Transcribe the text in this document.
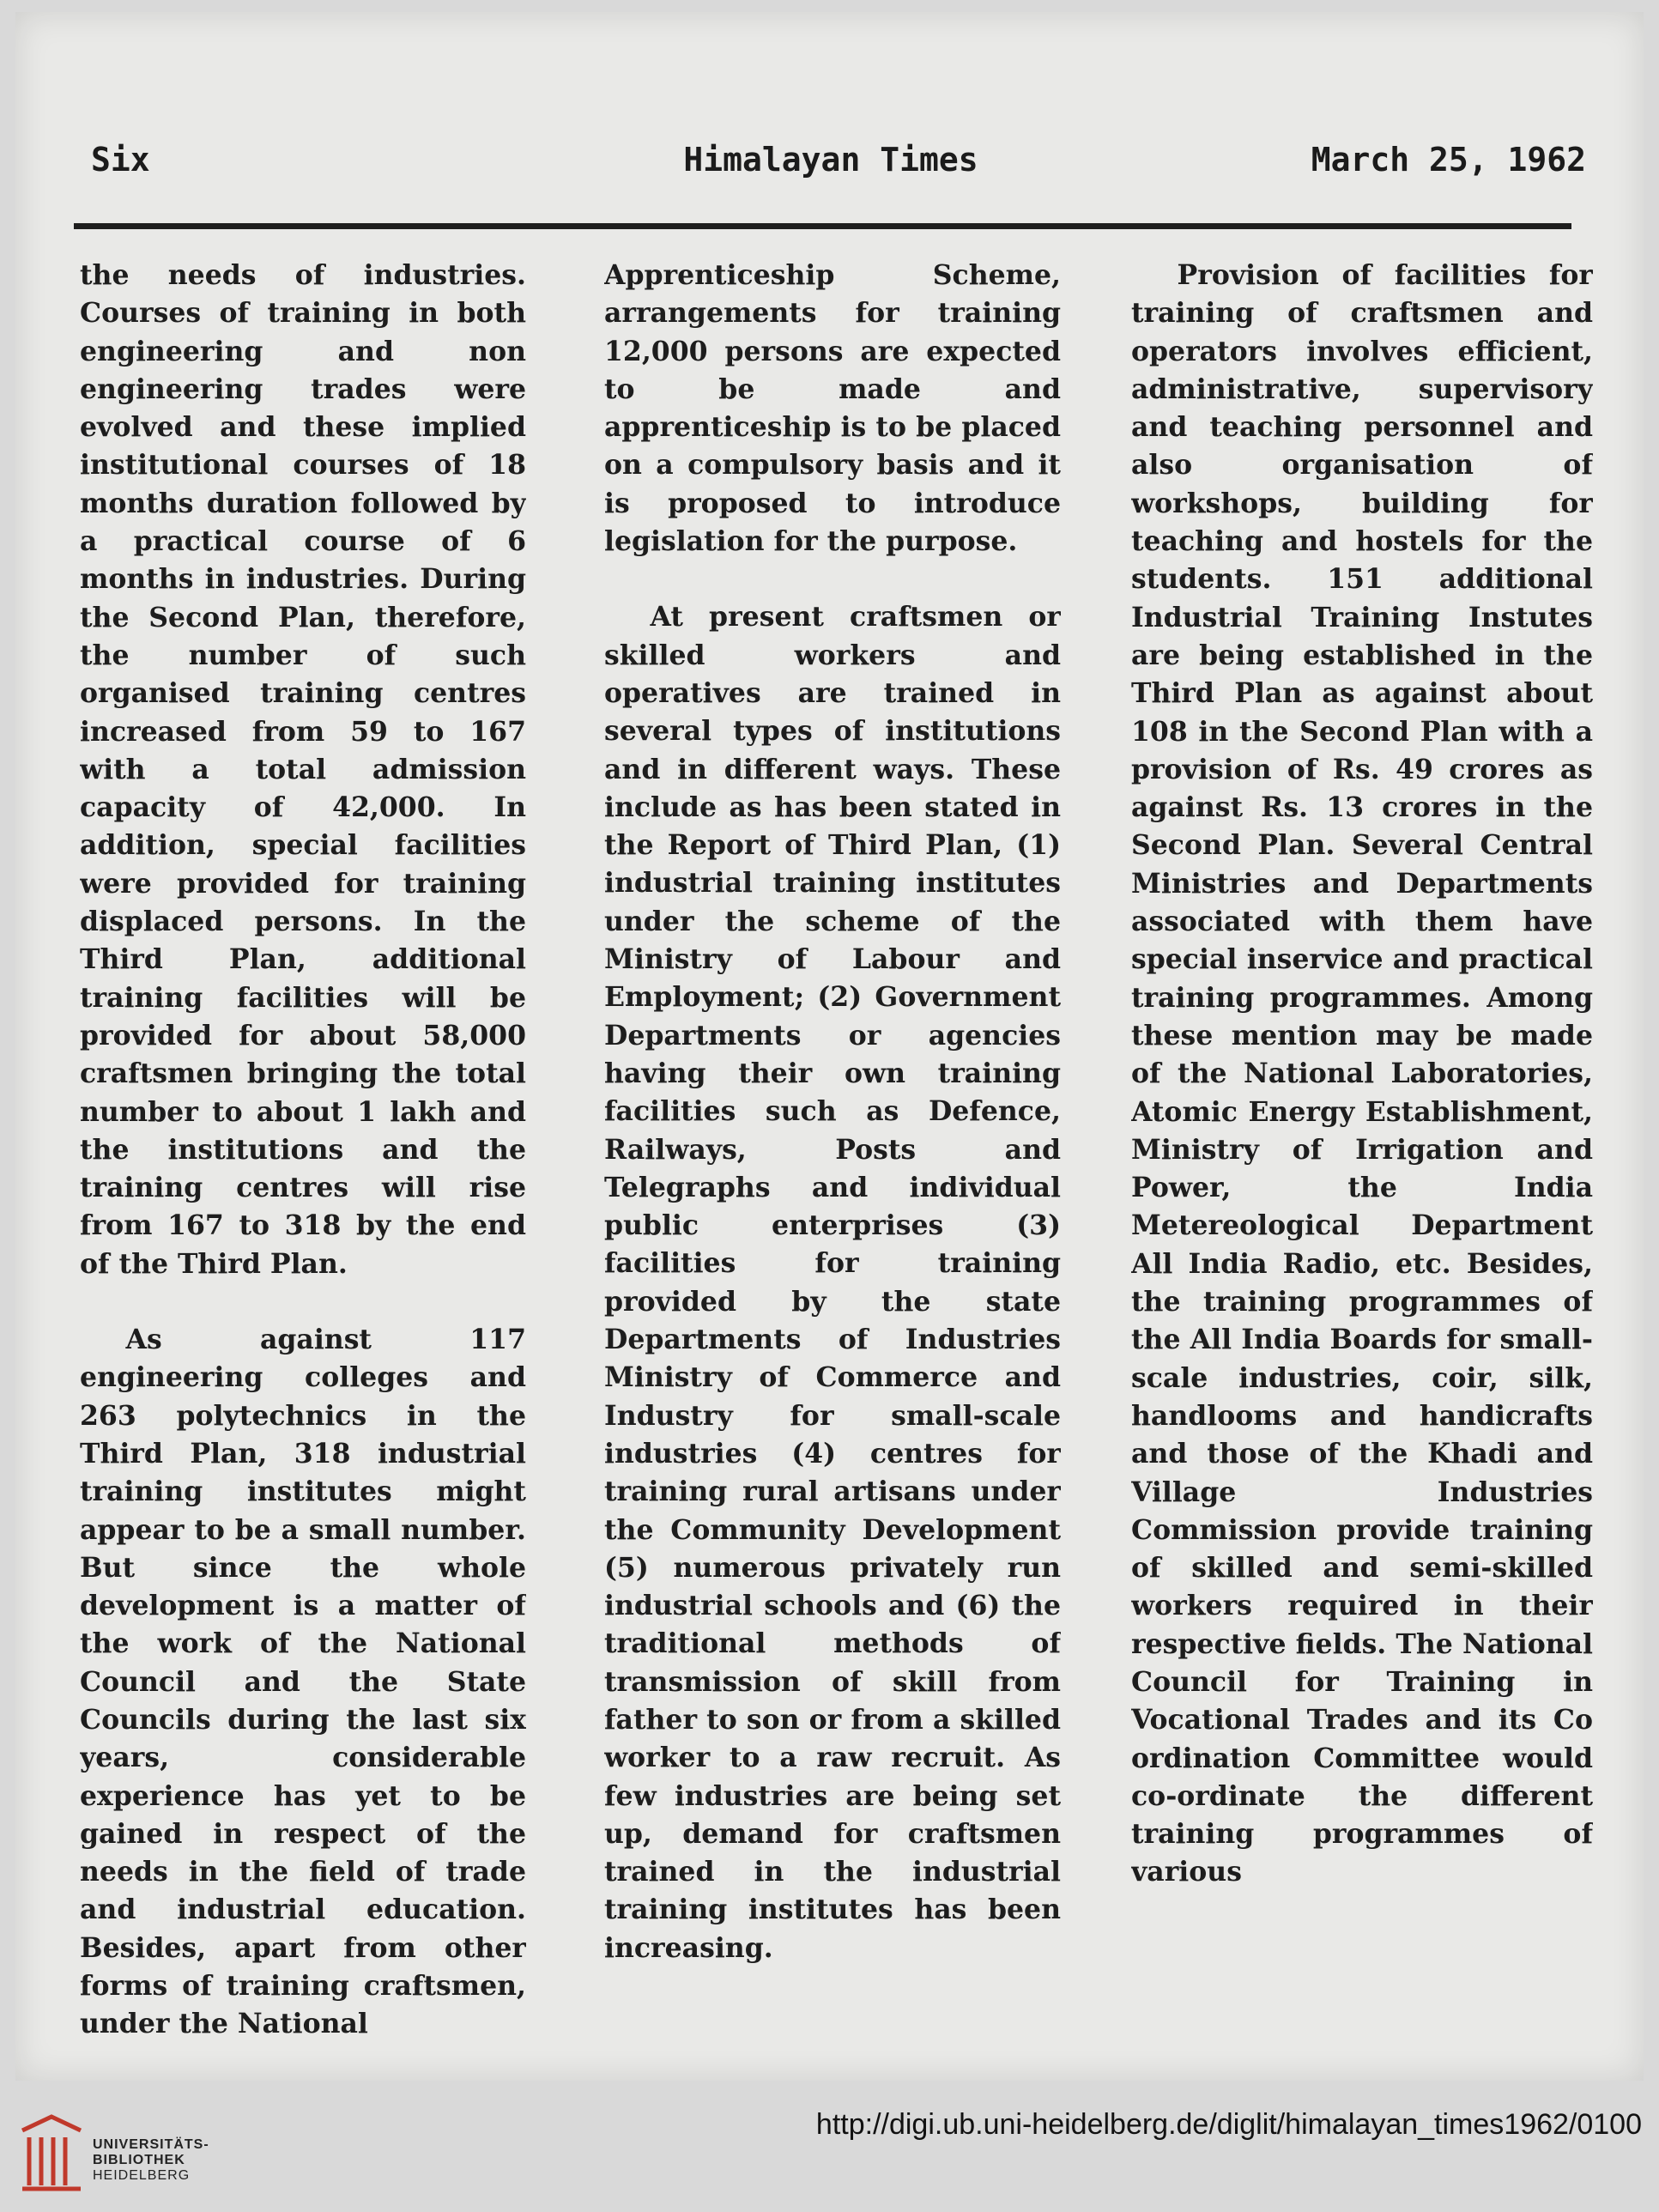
Six	Himalayan Times	March 25, 1962

the needs of industries. Courses of training in both engineering and non engineering trades were evolved and these implied institutional courses of 18 months duration followed by a practical course of 6 months in industries. During the Second Plan, therefore, the number of such organised training centres increased from 59 to 167 with a total admission capacity of 42,000. In addition, special facilities were provided for training displaced persons. In the Third Plan, additional training facilities will be provided for about 58,000 craftsmen bringing the total number to about 1 lakh and the institutions and the training centres will rise from 167 to 318 by the end of the Third Plan.

As against 117 engineering colleges and 263 polytechnics in the Third Plan, 318 industrial training institutes might appear to be a small number. But since the whole development is a matter of the work of the National Council and the State Councils during the last six years, considerable experience has yet to be gained in respect of the needs in the field of trade and industrial education. Besides, apart from other forms of training craftsmen, under the National

Apprenticeship Scheme, arrangements for training 12,000 persons are expected to be made and apprenticeship is to be placed on a compulsory basis and it is proposed to introduce legislation for the purpose.

At present craftsmen or skilled workers and operatives are trained in several types of institutions and in different ways. These include as has been stated in the Report of Third Plan, (1) industrial training institutes under the scheme of the Ministry of Labour and Employment; (2) Government Departments or agencies having their own training facilities such as Defence, Railways, Posts and Telegraphs and individual public enterprises (3) facilities for training provided by the state Departments of Industries Ministry of Commerce and Industry for small-scale industries (4) centres for training rural artisans under the Community Development (5) numerous privately run industrial schools and (6) the traditional methods of transmission of skill from father to son or from a skilled worker to a raw recruit. As few industries are being set up, demand for craftsmen trained in the industrial training institutes has been increasing.

Provision of facilities for training of craftsmen and operators involves efficient, administrative, supervisory and teaching personnel and also organisation of workshops, building for teaching and hostels for the students. 151 additional Industrial Training Instutes are being established in the Third Plan as against about 108 in the Second Plan with a provision of Rs. 49 crores as against Rs. 13 crores in the Second Plan. Several Central Ministries and Departments associated with them have special inservice and practical training programmes. Among these mention may be made of the National Laboratories, Atomic Energy Establishment, Ministry of Irrigation and Power, the India Metereological Department All India Radio, etc. Besides, the training programmes of the All India Boards for small-scale industries, coir, silk, handlooms and handicrafts and those of the Khadi and Village Industries Commission provide training of skilled and semi-skilled workers required in their respective fields. The National Council for Training in Vocational Trades and its Co ordination Committee would co-ordinate the different training programmes of various

UNIVERSITÄTS-
BIBLIOTHEK
HEIDELBERG
http://digi.ub.uni-heidelberg.de/diglit/himalayan_times1962/0100
